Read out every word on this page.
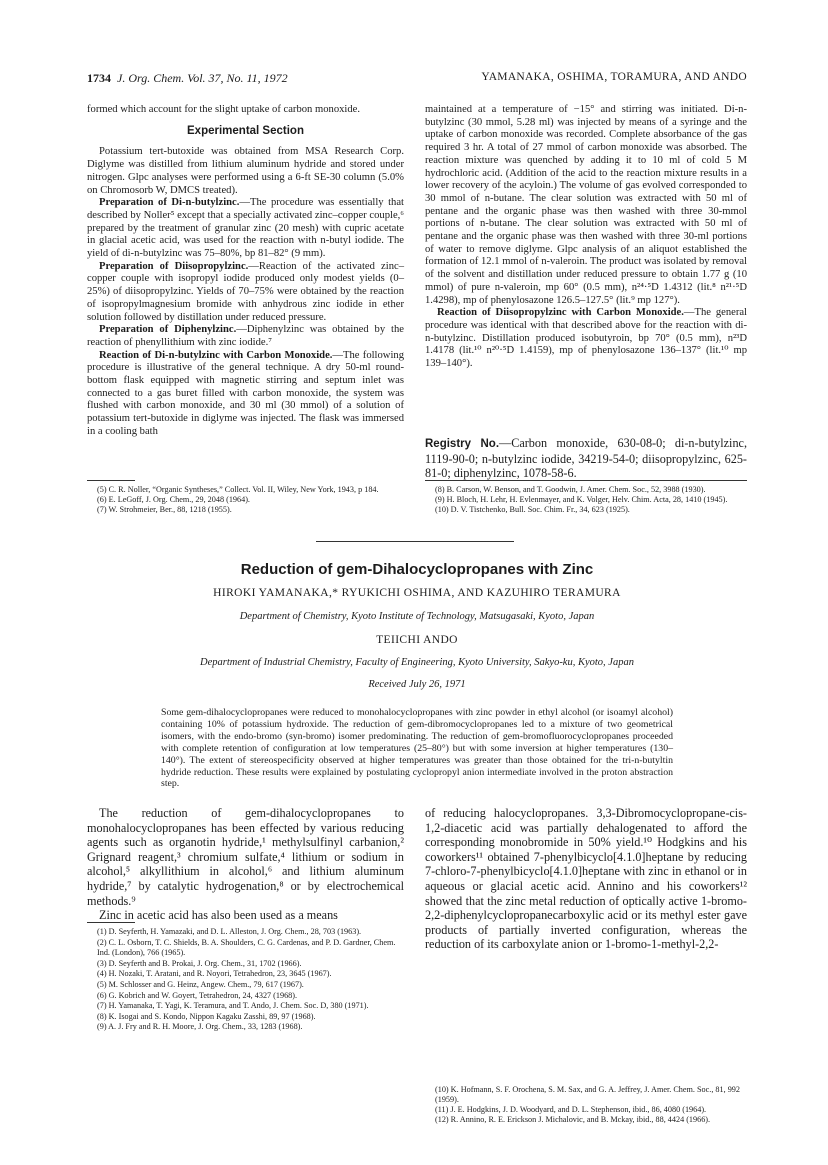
1734 J. Org. Chem. Vol. 37, No. 11, 1972	YAMANAKA, OSHIMA, TORAMURA, AND ANDO

formed which account for the slight uptake of carbon monoxide.

Experimental Section

Potassium tert-butoxide was obtained from MSA Research Corp. Diglyme was distilled from lithium aluminum hydride and stored under nitrogen. Glpc analyses were performed using a 6-ft SE-30 column (5.0% on Chromosorb W, DMCS treated).

Preparation of Di-n-butylzinc.—The procedure was essentially that described by Noller⁵ except that a specially activated zinc–copper couple,⁶ prepared by the treatment of granular zinc (20 mesh) with cupric acetate in glacial acetic acid, was used for the reaction with n-butyl iodide. The yield of di-n-butylzinc was 75–80%, bp 81–82° (9 mm).

Preparation of Diisopropylzinc.—Reaction of the activated zinc–copper couple with isopropyl iodide produced only modest yields (0–25%) of diisopropylzinc. Yields of 70–75% were obtained by the reaction of isopropylmagnesium bromide with anhydrous zinc iodide in ether solution followed by distillation under reduced pressure.

Preparation of Diphenylzinc.—Diphenylzinc was obtained by the reaction of phenyllithium with zinc iodide.⁷

Reaction of Di-n-butylzinc with Carbon Monoxide.—The following procedure is illustrative of the general technique. A dry 50-ml round-bottom flask equipped with magnetic stirring and septum inlet was connected to a gas buret filled with carbon monoxide, the system was flushed with carbon monoxide, and 30 ml (30 mmol) of a solution of potassium tert-butoxide in diglyme was injected. The flask was immersed in a cooling bath

(5) C. R. Noller, “Organic Syntheses,” Collect. Vol. II, Wiley, New York, 1943, p 184.

(6) E. LeGoff, J. Org. Chem., 29, 2048 (1964).

(7) W. Strohmeier, Ber., 88, 1218 (1955).

maintained at a temperature of −15° and stirring was initiated. Di-n-butylzinc (30 mmol, 5.28 ml) was injected by means of a syringe and the uptake of carbon monoxide was recorded. Complete absorbance of the gas required 3 hr. A total of 27 mmol of carbon monoxide was absorbed. The reaction mixture was quenched by adding it to 10 ml of cold 5 M hydrochloric acid. (Addition of the acid to the reaction mixture results in a lower recovery of the acyloin.) The volume of gas evolved corresponded to 30 mmol of n-butane. The clear solution was extracted with 50 ml of pentane and the organic phase was then washed with three 30-mmol portions of n-butane. The clear solution was extracted with 50 ml of pentane and the organic phase was then washed with three 30-ml portions of water to remove diglyme. Glpc analysis of an aliquot established the formation of 12.1 mmol of n-valeroin. The product was isolated by removal of the solvent and distillation under reduced pressure to obtain 1.77 g (10 mmol) of pure n-valeroin, mp 60° (0.5 mm), n²⁴·⁵D 1.4312 (lit.⁸ n²¹·⁵D 1.4298), mp of phenylosazone 126.5–127.5° (lit.⁹ mp 127°).

Reaction of Diisopropylzinc with Carbon Monoxide.—The general procedure was identical with that described above for the reaction with di-n-butylzinc. Distillation produced isobutyroin, bp 70° (0.5 mm), n²³D 1.4178 (lit.¹⁰ n²⁰·⁵D 1.4159), mp of phenylosazone 136–137° (lit.¹⁰ mp 139–140°).

Registry No.—Carbon monoxide, 630-08-0; di-n-butylzinc, 1119-90-0; n-butylzinc iodide, 34219-54-0; diisopropylzinc, 625-81-0; diphenylzinc, 1078-58-6.

(8) B. Carson, W. Benson, and T. Goodwin, J. Amer. Chem. Soc., 52, 3988 (1930).

(9) H. Bloch, H. Lehr, H. Evlenmayer, and K. Volger, Helv. Chim. Acta, 28, 1410 (1945).

(10) D. V. Tistchenko, Bull. Soc. Chim. Fr., 34, 623 (1925).

Reduction of gem-Dihalocyclopropanes with Zinc
HIROKI YAMANAKA,* RYUKICHI OSHIMA, AND KAZUHIRO TERAMURA
Department of Chemistry, Kyoto Institute of Technology, Matsugasaki, Kyoto, Japan
TEIICHI ANDO
Department of Industrial Chemistry, Faculty of Engineering, Kyoto University, Sakyo-ku, Kyoto, Japan
Received July 26, 1971
Some gem-dihalocyclopropanes were reduced to monohalocyclopropanes with zinc powder in ethyl alcohol (or isoamyl alcohol) containing 10% of potassium hydroxide. The reduction of gem-dibromocyclopropanes led to a mixture of two geometrical isomers, with the endo-bromo (syn-bromo) isomer predominating. The reduction of gem-bromofluorocyclopropanes proceeded with complete retention of configuration at low temperatures (25–80°) but with some inversion at higher temperatures (130–140°). The extent of stereospecificity observed at higher temperatures was greater than those obtained for the tri-n-butyltin hydride reduction. These results were explained by postulating cyclopropyl anion intermediate involved in the proton abstraction step.

The reduction of gem-dihalocyclopropanes to monohalocyclopropanes has been effected by various reducing agents such as organotin hydride,¹ methylsulfinyl carbanion,² Grignard reagent,³ chromium sulfate,⁴ lithium or sodium in alcohol,⁵ alkyllithium in alcohol,⁶ and lithium aluminum hydride,⁷ by catalytic hydrogenation,⁸ or by electrochemical methods.⁹

Zinc in acetic acid has also been used as a means

(1) D. Seyferth, H. Yamazaki, and D. L. Alleston, J. Org. Chem., 28, 703 (1963).

(2) C. L. Osborn, T. C. Shields, B. A. Shoulders, C. G. Cardenas, and P. D. Gardner, Chem. Ind. (London), 766 (1965).

(3) D. Seyferth and B. Prokai, J. Org. Chem., 31, 1702 (1966).

(4) H. Nozaki, T. Aratani, and R. Noyori, Tetrahedron, 23, 3645 (1967).

(5) M. Schlosser and G. Heinz, Angew. Chem., 79, 617 (1967).

(6) G. Kobrich and W. Goyert, Tetrahedron, 24, 4327 (1968).

(7) H. Yamanaka, T. Yagi, K. Teramura, and T. Ando, J. Chem. Soc. D, 380 (1971).

(8) K. Isogai and S. Kondo, Nippon Kagaku Zasshi, 89, 97 (1968).

(9) A. J. Fry and R. H. Moore, J. Org. Chem., 33, 1283 (1968).

of reducing halocyclopropanes. 3,3-Dibromocyclopropane-cis-1,2-diacetic acid was partially dehalogenated to afford the corresponding monobromide in 50% yield.¹⁰ Hodgkins and his coworkers¹¹ obtained 7-phenylbicyclo[4.1.0]heptane by reducing 7-chloro-7-phenylbicyclo[4.1.0]heptane with zinc in ethanol or in aqueous or glacial acetic acid. Annino and his coworkers¹² showed that the zinc metal reduction of optically active 1-bromo-2,2-diphenylcyclopropanecarboxylic acid or its methyl ester gave products of partially inverted configuration, whereas the reduction of its carboxylate anion or 1-bromo-1-methyl-2,2-

(10) K. Hofmann, S. F. Orochena, S. M. Sax, and G. A. Jeffrey, J. Amer. Chem. Soc., 81, 992 (1959).

(11) J. E. Hodgkins, J. D. Woodyard, and D. L. Stephenson, ibid., 86, 4080 (1964).

(12) R. Annino, R. E. Erickson J. Michalovic, and B. Mckay, ibid., 88, 4424 (1966).
